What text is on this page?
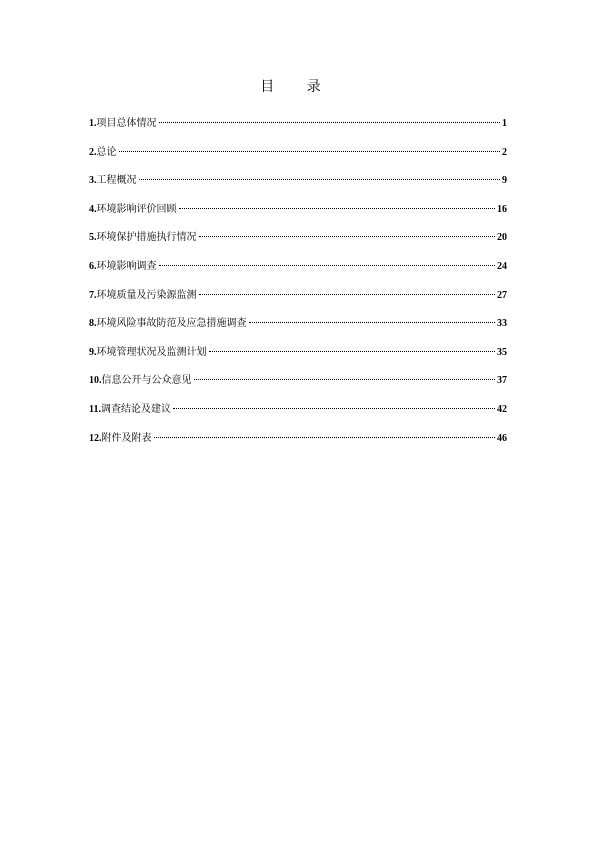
目 录
1.项目总体情况	1
2.总论	2
3.工程概况	9
4.环境影响评价回顾	16
5.环境保护措施执行情况	20
6.环境影响调查	24
7.环境质量及污染源监测	27
8.环境风险事故防范及应急措施调查	33
9.环境管理状况及监测计划	35
10.信息公开与公众意见	37
11.调查结论及建议	42
12.附件及附表	46
